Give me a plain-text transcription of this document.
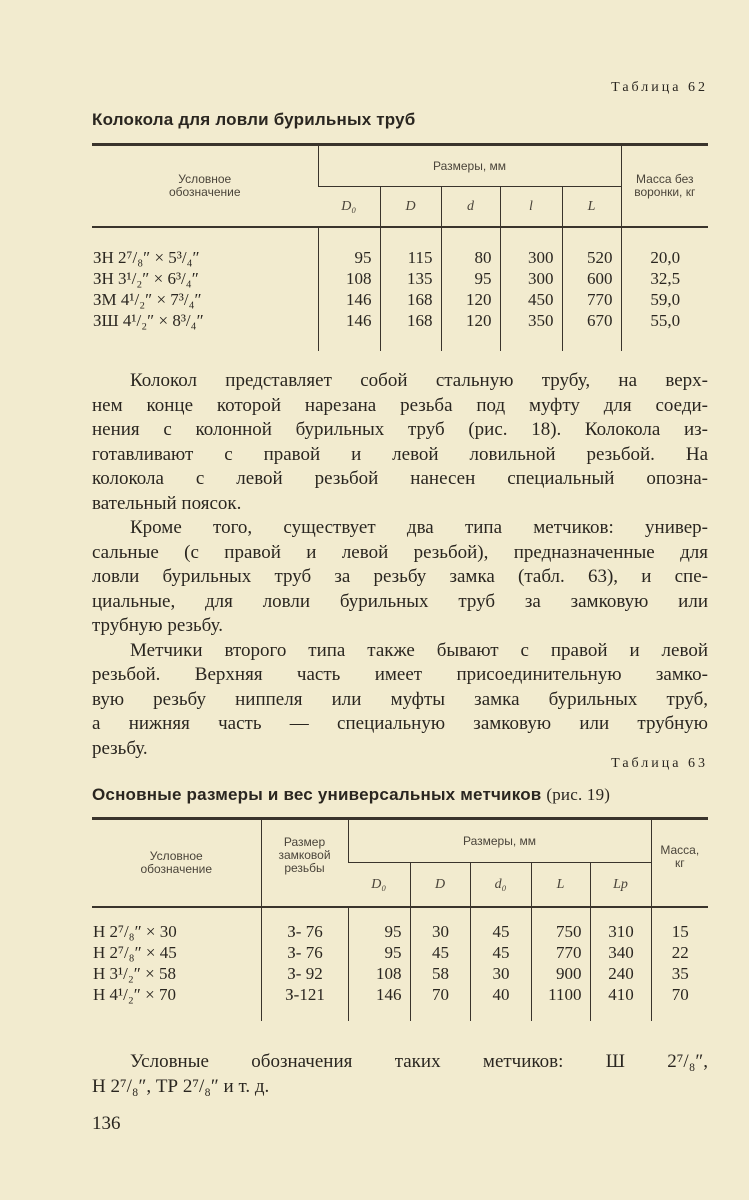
Таблица 62
Колокола для ловли бурильных труб
Условное обозначение	Размеры, мм					Масса без воронки, кг
	D₀	D	d	l	L	

ЗН 2⁷/₈″ × 5³/₄″	95	115	80	300	520	20,0
ЗН 3¹/₂″ × 6³/₄″	108	135	95	300	600	32,5
ЗМ 4¹/₂″ × 7³/₄″	146	168	120	450	770	59,0
ЗШ 4¹/₂″ × 8³/₄″	146	168	120	350	670	55,0

Колокол представляет собой стальную трубу, на верх-
нем конце которой нарезана резьба под муфту для соеди-
нения с колонной бурильных труб (рис. 18). Колокола из-
готавливают с правой и левой ловильной резьбой. На
колокола с левой резьбой нанесен специальный опозна-
вательный поясок.
Кроме того, существует два типа метчиков: универ-
сальные (с правой и левой резьбой), предназначенные для
ловли бурильных труб за резьбу замка (табл. 63), и спе-
циальные, для ловли бурильных труб за замковую или
трубную резьбу.
Метчики второго типа также бывают с правой и левой
резьбой. Верхняя часть имеет присоединительную замко-
вую резьбу ниппеля или муфты замка бурильных труб,
а нижняя часть — специальную замковую или трубную
резьбу.
Таблица 63
Основные размеры и вес универсальных метчиков (рис. 19)
Условное обозначение	Размер замковой резьбы	Размеры, мм					Масса, кг
		D₀	D	d₀	L	Lр	

Н 2⁷/₈″ × 30	З- 76	95	30	45	750	310	15
Н 2⁷/₈″ × 45	З- 76	95	45	45	770	340	22
Н 3¹/₂″ × 58	З- 92	108	58	30	900	240	35
Н 4¹/₂″ × 70	З-121	146	70	40	1100	410	70

Условные обозначения таких метчиков: Ш 2⁷/₈″,
Н 2⁷/₈″, ТР 2⁷/₈″ и т. д.
136
